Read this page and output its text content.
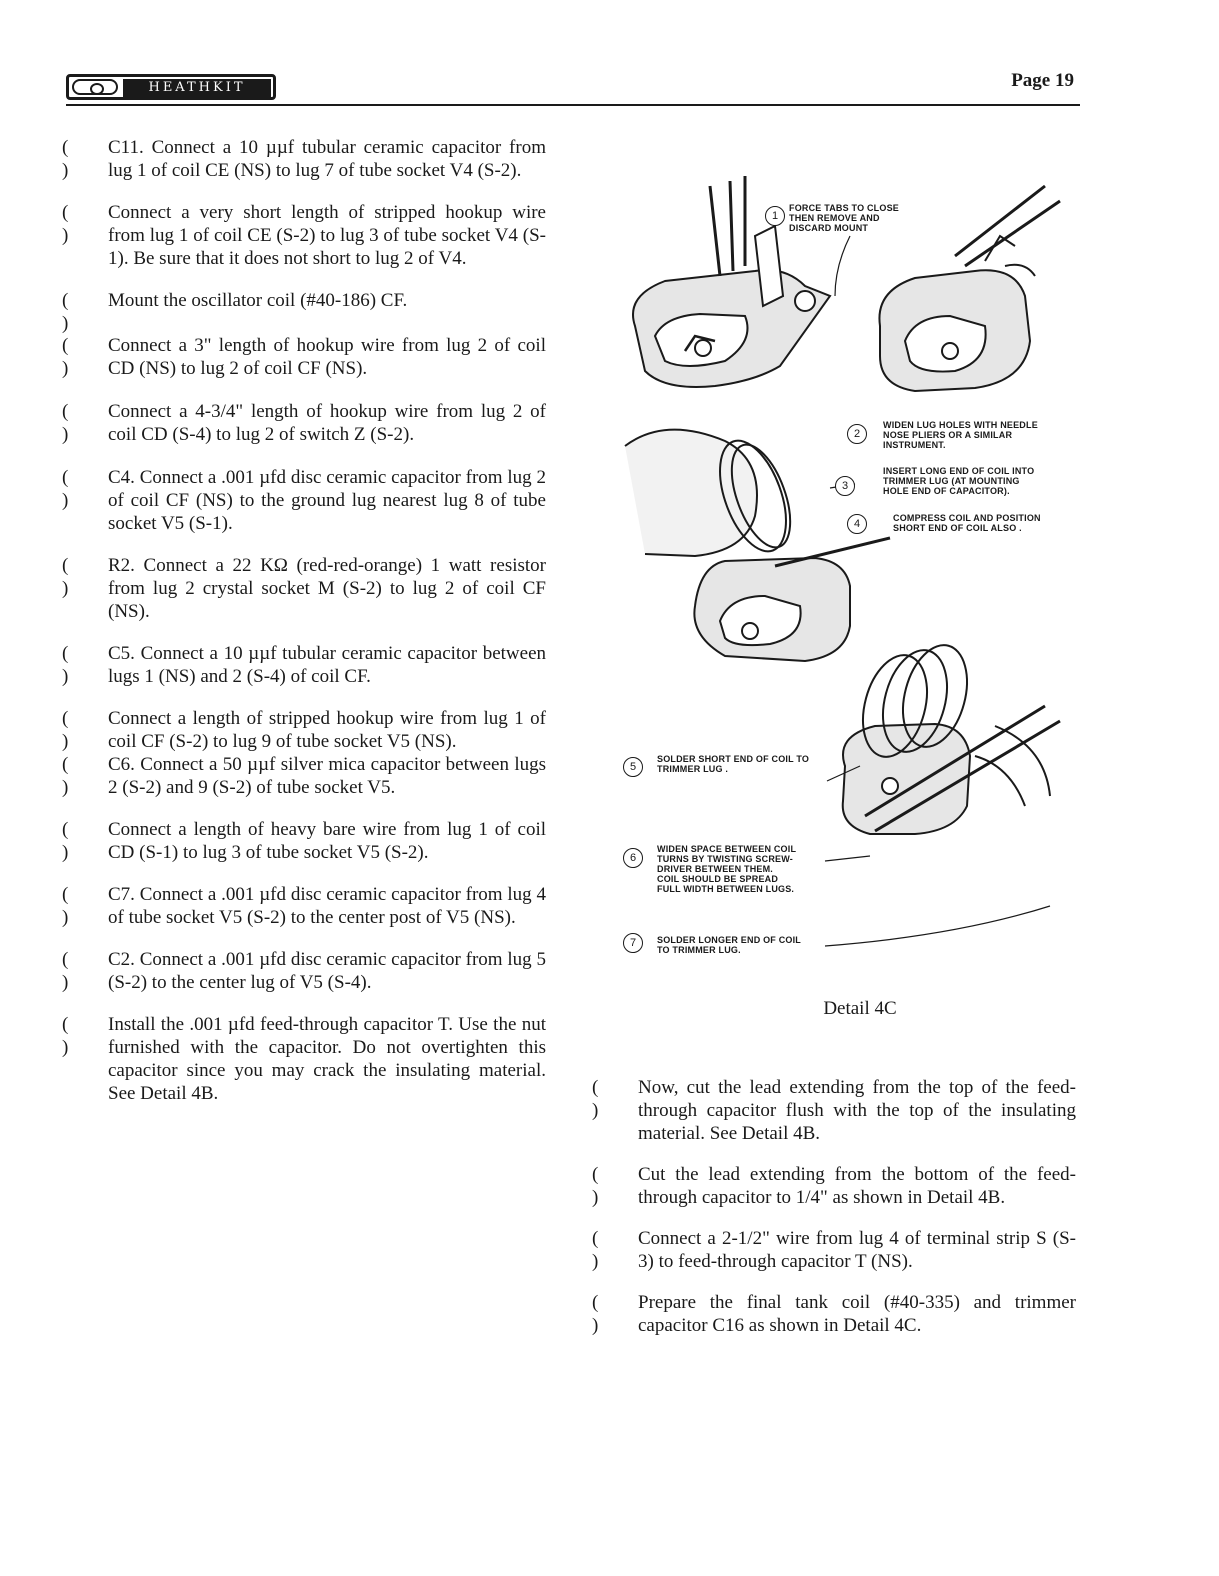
HEATHKIT	Page 19
( )
C11. Connect a 10 µµf tubular ceramic capacitor from lug 1 of coil CE (NS) to lug 7 of tube socket V4 (S-2).
( )
Connect a very short length of stripped hookup wire from lug 1 of coil CE (S-2) to lug 3 of tube socket V4 (S-1). Be sure that it does not short to lug 2 of V4.
( )
Mount the oscillator coil (#40-186) CF.
( )
Connect a 3" length of hookup wire from lug 2 of coil CD (NS) to lug 2 of coil CF (NS).
( )
Connect a 4-3/4" length of hookup wire from lug 2 of coil CD (S-4) to lug 2 of switch Z (S-2).
( )
C4. Connect a .001 µfd disc ceramic capacitor from lug 2 of coil CF (NS) to the ground lug nearest lug 8 of tube socket V5 (S-1).
( )
R2. Connect a 22 KΩ (red-red-orange) 1 watt resistor from lug 2 crystal socket M (S-2) to lug 2 of coil CF (NS).
( )
C5. Connect a 10 µµf tubular ceramic capacitor between lugs 1 (NS) and 2 (S-4) of coil CF.
( )
Connect a length of stripped hookup wire from lug 1 of coil CF (S-2) to lug 9 of tube socket V5 (NS).
( )
C6. Connect a 50 µµf silver mica capacitor between lugs 2 (S-2) and 9 (S-2) of tube socket V5.
( )
Connect a length of heavy bare wire from lug 1 of coil CD (S-1) to lug 3 of tube socket V5 (S-2).
( )
C7. Connect a .001 µfd disc ceramic capacitor from lug 4 of tube socket V5 (S-2) to the center post of V5 (NS).
( )
C2. Connect a .001 µfd disc ceramic capacitor from lug 5 (S-2) to the center lug of V5 (S-4).
( )
Install the .001 µfd feed-through capacitor T. Use the nut furnished with the capacitor. Do not overtighten this capacitor since you may crack the insulating material. See Detail 4B.
1
FORCE TABS TO CLOSE
THEN REMOVE AND
DISCARD MOUNT
2
WIDEN LUG HOLES WITH NEEDLE
NOSE PLIERS OR A SIMILAR
INSTRUMENT.
3
INSERT LONG END OF COIL INTO
TRIMMER LUG (AT MOUNTING
HOLE END OF CAPACITOR).
4	COMPRESS COIL AND POSITION
SHORT END OF COIL ALSO .
5
SOLDER SHORT END OF COIL TO
TRIMMER LUG .
6
WIDEN SPACE BETWEEN COIL
TURNS BY TWISTING SCREW-
DRIVER BETWEEN THEM.
COIL SHOULD BE SPREAD
FULL WIDTH BETWEEN LUGS.
7	SOLDER LONGER END OF COIL
TO TRIMMER LUG.
Detail 4C
( )
Now, cut the lead extending from the top of the feed-through capacitor flush with the top of the insulating material. See Detail 4B.
( )
Cut the lead extending from the bottom of the feed-through capacitor to 1/4" as shown in Detail 4B.
( )
Connect a 2-1/2" wire from lug 4 of terminal strip S (S-3) to feed-through capacitor T (NS).
( )
Prepare the final tank coil (#40-335) and trimmer capacitor C16 as shown in Detail 4C.
